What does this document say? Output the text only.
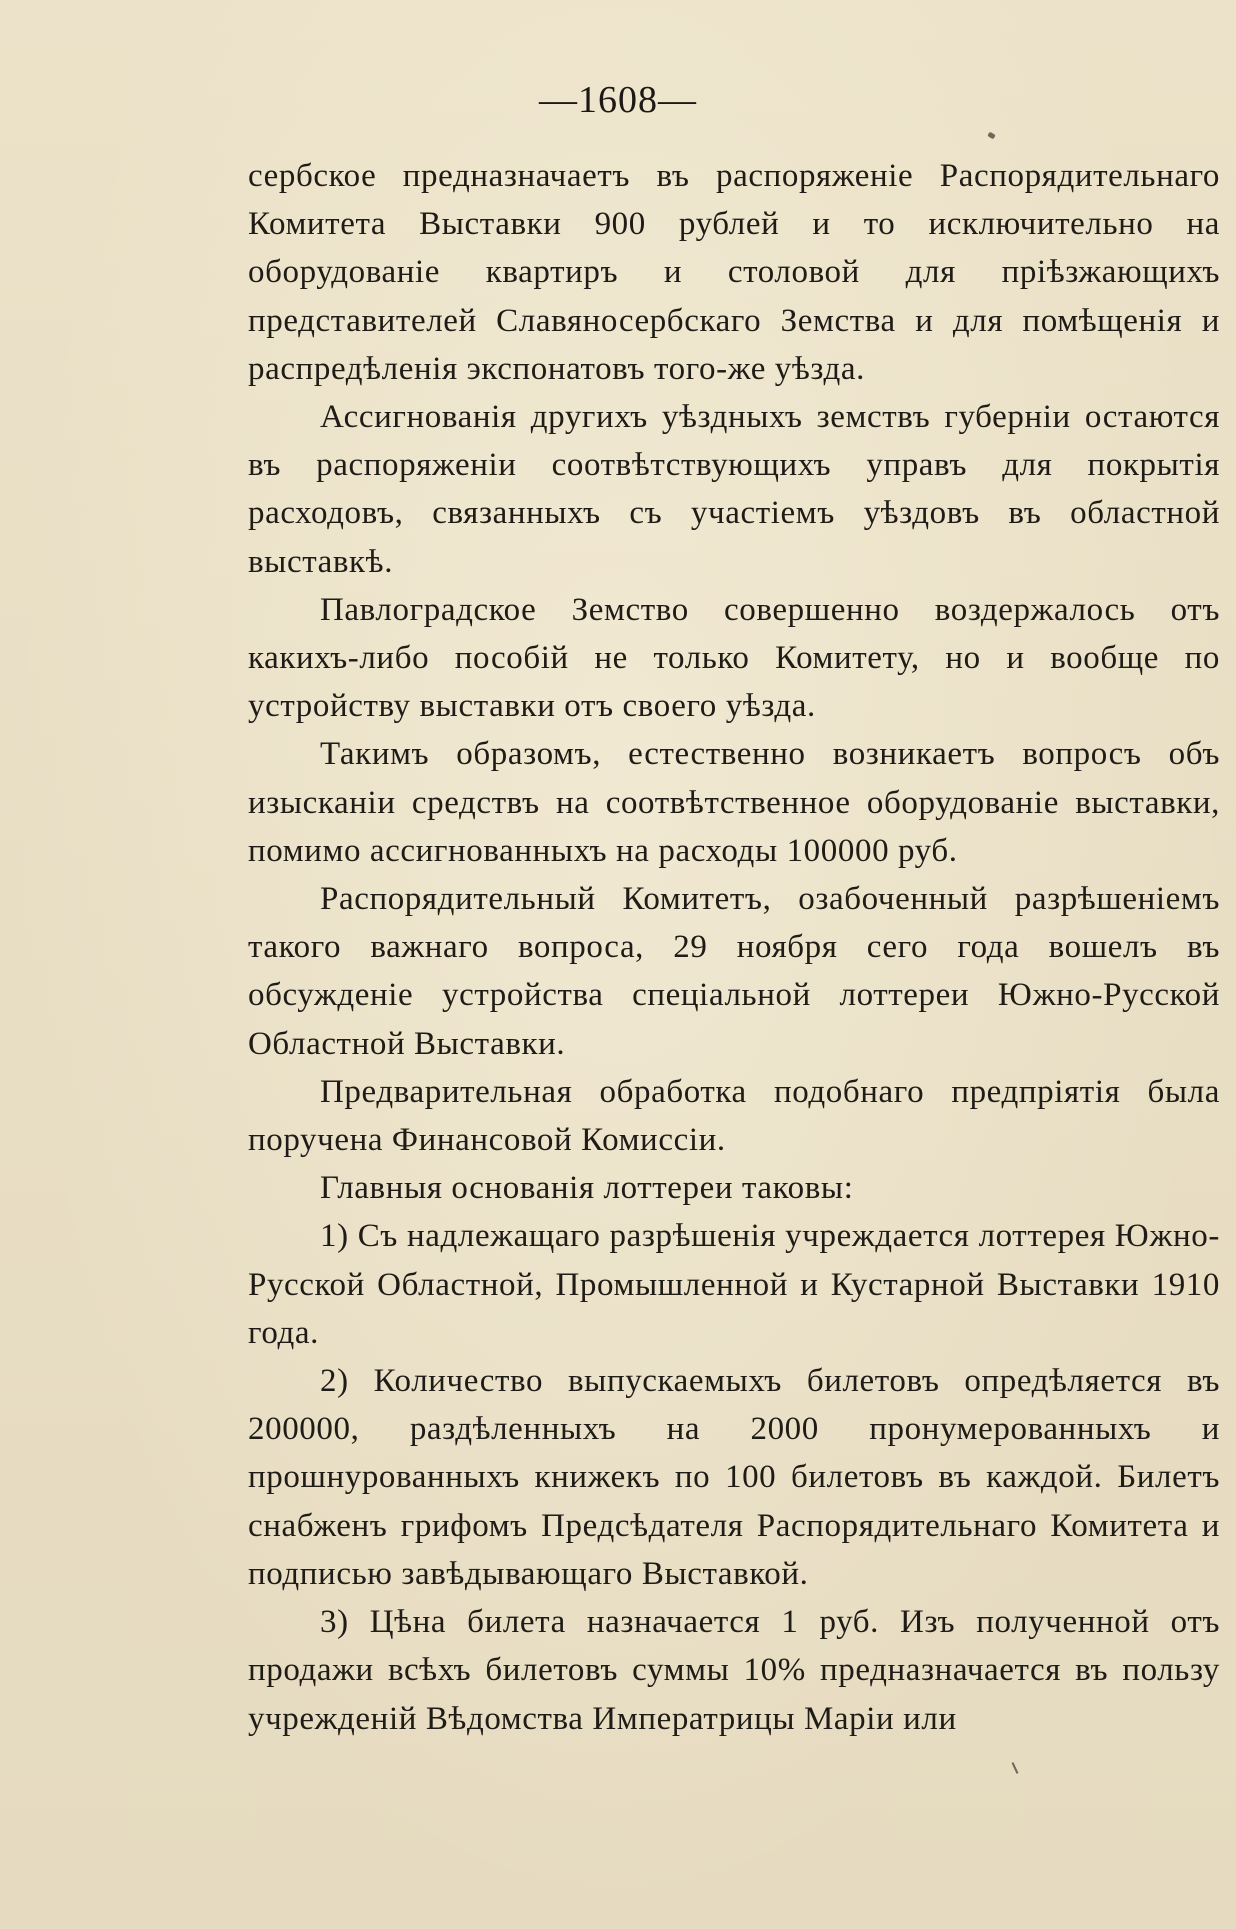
—1608—

сербское предназначаетъ въ распоряженіе Распорядительнаго Комитета Выставки 900 рублей и то исключительно на оборудованіе квартиръ и столовой для пріѣзжающихъ представителей Славяносербскаго Земства и для помѣщенія и распредѣленія экспонатовъ того-же уѣзда.

Ассигнованія другихъ уѣздныхъ земствъ губерніи остаются въ распоряженіи соотвѣтствующихъ управъ для покрытія расходовъ, связанныхъ съ участіемъ уѣздовъ въ областной выставкѣ.

Павлоградское Земство совершенно воздержалось отъ какихъ-либо пособій не только Комитету, но и вообще по устройству выставки отъ своего уѣзда.

Такимъ образомъ, естественно возникаетъ вопросъ объ изысканіи средствъ на соотвѣтственное оборудованіе выставки, помимо ассигнованныхъ на расходы 100000 руб.

Распорядительный Комитетъ, озабоченный разрѣшеніемъ такого важнаго вопроса, 29 ноября сего года вошелъ въ обсужденіе устройства спеціальной лоттереи Южно-Русской Областной Выставки.

Предварительная обработка подобнаго предпріятія была поручена Финансовой Комиссіи.

Главныя основанія лоттереи таковы:

1) Съ надлежащаго разрѣшенія учреждается лоттерея Южно-Русской Областной, Промышленной и Кустарной Выставки 1910 года.

2) Количество выпускаемыхъ билетовъ опредѣляется въ 200000, раздѣленныхъ на 2000 пронумерованныхъ и прошнурованныхъ книжекъ по 100 билетовъ въ каждой. Билетъ снабженъ грифомъ Предсѣдателя Распорядительнаго Комитета и подписью завѣдывающаго Выставкой.

3) Цѣна билета назначается 1 руб. Изъ полученной отъ продажи всѣхъ билетовъ суммы 10% предназначается въ пользу учрежденій Вѣдомства Императрицы Маріи или
